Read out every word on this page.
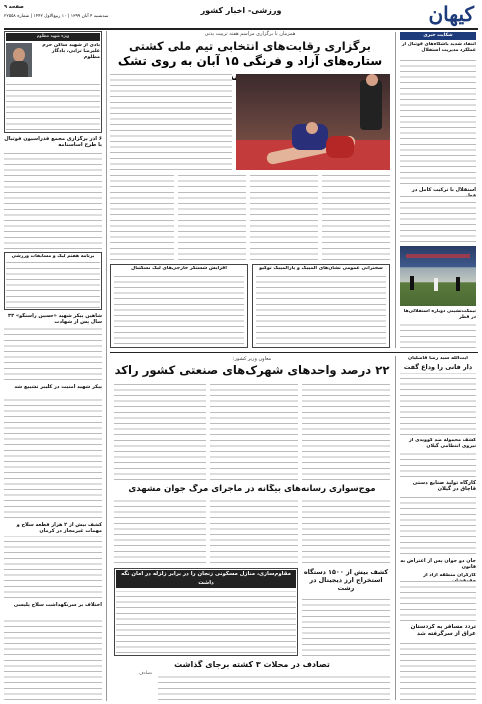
کیهان
ورزشی- اخبار کشور
سه‌شنبه ۴ آبان ۱۳۹۹ | ۱۰ ربیع‌الاول ۱۴۴۲ | شماره ۲۲۵۵۸
صفحه ۹
شکایت خبری
انتقاد شدید باشگاه‌های فوتبال از عملکرد مدیریت استقلال
استقلال با ترکیب کامل در
نیمکت‌نشینی دوباره استقلالی‌ها در قطر
همزمان با برگزاری مراسم هفته تربیت بدنی
برگزاری رقابت‌های انتخابی تیم ملی کشتی
ستاره‌های آزاد و فرنگی ۱۵ آبان به روی تشک
سخنرانی عمومی نشان‌های المپیک و پارالمپیک توکیو
افزایش شستگر خارجی‌های لیگ بسکتبال
ویژه شهید مظلوم
یادی از شهید ساکن حرم علیرضا ترابی، یادگار مظلوم
۶ آذر برگزاری مجمع فدراسیون فوتبال با طرح اساسنامه
برنامه هفتم لیگ و مسابقات ورزشی
شاهین ‌پیکر شهید «حسین راستگو» ۳۳ سال پس از شهادت
پیکر شهید امنیت در کلیبر تشییع شد
کشف بیش از ۲ هزار قطعه سلاح و مهمات غیرمجاز در کرمان
اختلاف بر سرنگهداشت سلاح پلیسی
معاون وزیر کشور:
۲۲ درصد واحدهای شهرک‌های صنعتی کشور راکد
موج‌سواری رسانه‌های بیگانه در ماجرای مرگ جوان مشهدی
مقاوم‌سازی، منازل مسکونی زنجان را در برابر زلزله در امان نگه داشت
کشف بیش از ۱۵۰۰ دستگاه استخراج ارز دیجیتال در رشت
تصادف در محلات ۳ کشته برجای گذاشت
تصادف
آیت‌الله سید رضا فاضلیان
دار فانی را وداع گفت
کشف محموله ضد کوویدی از نیروی انتظامی گیلان
کارگاه تولید صنایع دستی قاچاق در گیلان
جان دو جوان پس از اعتراض به قانون
کارگران منطقه آزاد از
تردد مسافر به کردستان عراق از سرگرفته شد
